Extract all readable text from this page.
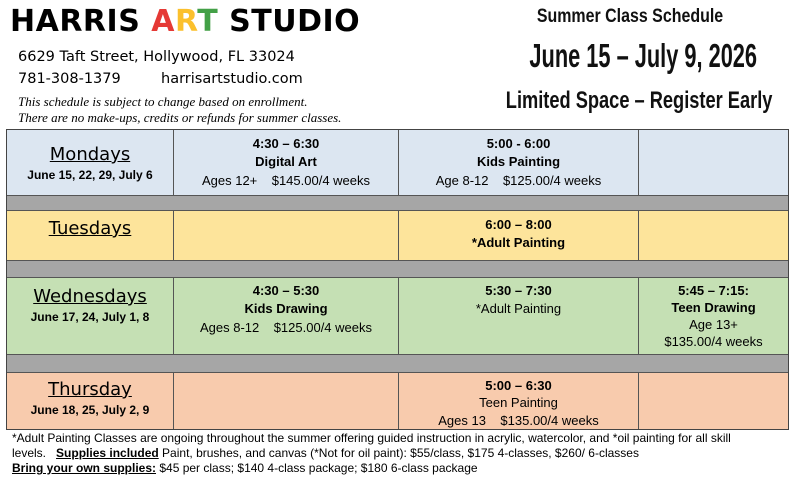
HARRIS ART STUDIO
6629 Taft Street, Hollywood, FL 33024
781-308-1379	harrisartstudio.com
This schedule is subject to change based on enrollment.
There are no make-ups, credits or refunds for summer classes.
Summer Class Schedule
June 15 – July 9, 2026
Limited Space – Register Early
Mondays
June 15, 22, 29, July 6
4:30 – 6:30
Digital Art
Ages 12+ $145.00/4 weeks
5:00 - 6:00
Kids Painting
Age 8-12 $125.00/4 weeks
Tuesdays	6:00 – 8:00
*Adult Painting
Wednesdays
June 17, 24, July 1, 8
4:30 – 5:30
Kids Drawing
Ages 8-12 $125.00/4 weeks
5:30 – 7:30
*Adult Painting
5:45 – 7:15:
Teen Drawing
Age 13+
$135.00/4 weeks
Thursday
June 18, 25, July 2, 9
5:00 – 6:30
Teen Painting
Ages 13 $135.00/4 weeks
*Adult Painting Classes are ongoing throughout the summer offering guided instruction in acrylic, watercolor, and *oil painting for all skill
levels. Supplies included Paint, brushes, and canvas (*Not for oil paint): $55/class, $175 4-classes, $260/ 6-classes
Bring your own supplies: $45 per class; $140 4-class package; $180 6-class package
